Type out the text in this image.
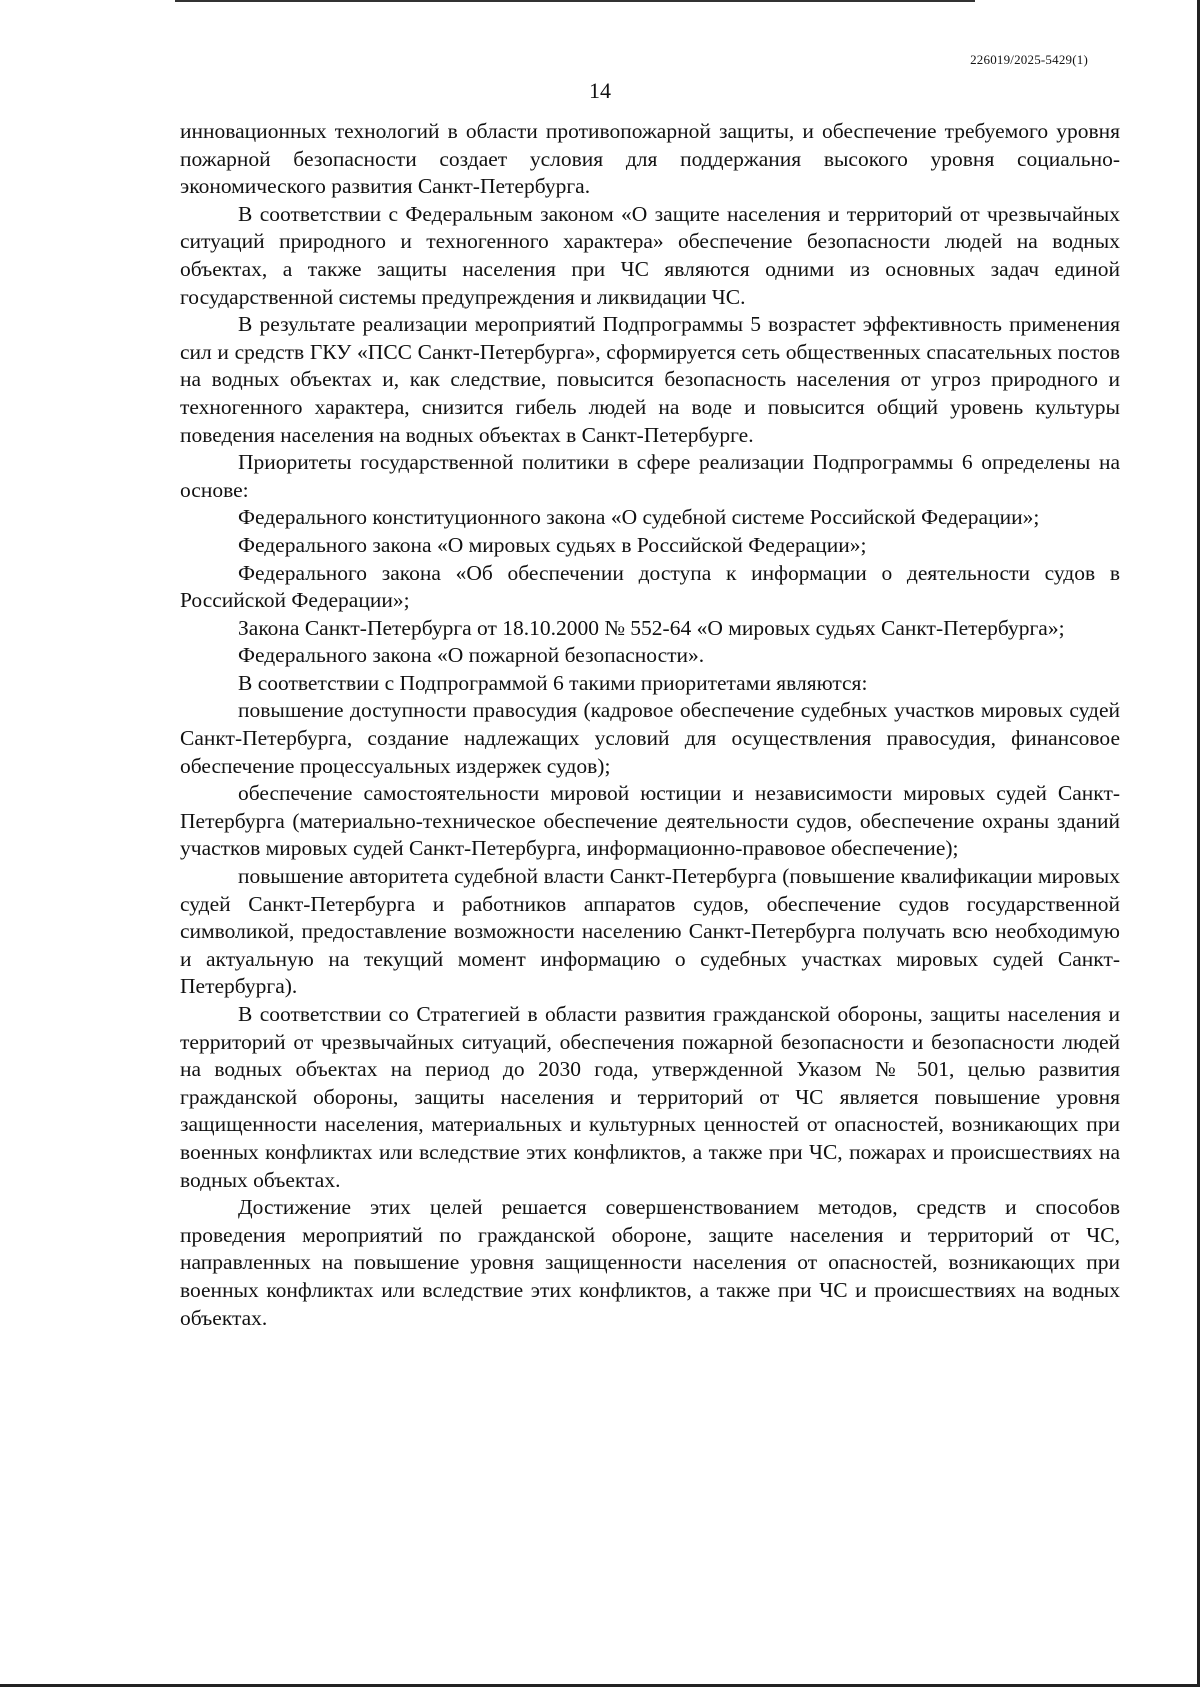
226019/2025-5429(1)
14

инновационных технологий в области противопожарной защиты, и обеспечение требуемого уровня пожарной безопасности создает условия для поддержания высокого уровня социально-экономического развития Санкт-Петербурга.

В соответствии с Федеральным законом «О защите населения и территорий от чрезвычайных ситуаций природного и техногенного характера» обеспечение безопасности людей на водных объектах, а также защиты населения при ЧС являются одними из основных задач единой государственной системы предупреждения и ликвидации ЧС.

В результате реализации мероприятий Подпрограммы 5 возрастет эффективность применения сил и средств ГКУ «ПСС Санкт-Петербурга», сформируется сеть общественных спасательных постов на водных объектах и, как следствие, повысится безопасность населения от угроз природного и техногенного характера, снизится гибель людей на воде и повысится общий уровень культуры поведения населения на водных объектах в Санкт-Петербурге.

Приоритеты государственной политики в сфере реализации Подпрограммы 6 определены на основе:

Федерального конституционного закона «О судебной системе Российской Федерации»;

Федерального закона «О мировых судьях в Российской Федерации»;

Федерального закона «Об обеспечении доступа к информации о деятельности судов в Российской Федерации»;

Закона Санкт-Петербурга от 18.10.2000 № 552-64 «О мировых судьях Санкт-Петербурга»;

Федерального закона «О пожарной безопасности».

В соответствии с Подпрограммой 6 такими приоритетами являются:

повышение доступности правосудия (кадровое обеспечение судебных участков мировых судей Санкт-Петербурга, создание надлежащих условий для осуществления правосудия, финансовое обеспечение процессуальных издержек судов);

обеспечение самостоятельности мировой юстиции и независимости мировых судей Санкт-Петербурга (материально-техническое обеспечение деятельности судов, обеспечение охраны зданий участков мировых судей Санкт-Петербурга, информационно-правовое обеспечение);

повышение авторитета судебной власти Санкт-Петербурга (повышение квалификации мировых судей Санкт-Петербурга и работников аппаратов судов, обеспечение судов государственной символикой, предоставление возможности населению Санкт-Петербурга получать всю необходимую и актуальную на текущий момент информацию о судебных участках мировых судей Санкт-Петербурга).

В соответствии со Стратегией в области развития гражданской обороны, защиты населения и территорий от чрезвычайных ситуаций, обеспечения пожарной безопасности и безопасности людей на водных объектах на период до 2030 года, утвержденной Указом № 501, целью развития гражданской обороны, защиты населения и территорий от ЧС является повышение уровня защищенности населения, материальных и культурных ценностей от опасностей, возникающих при военных конфликтах или вследствие этих конфликтов, а также при ЧС, пожарах и происшествиях на водных объектах.

Достижение этих целей решается совершенствованием методов, средств и способов проведения мероприятий по гражданской обороне, защите населения и территорий от ЧС, направленных на повышение уровня защищенности населения от опасностей, возникающих при военных конфликтах или вследствие этих конфликтов, а также при ЧС и происшествиях на водных объектах.
